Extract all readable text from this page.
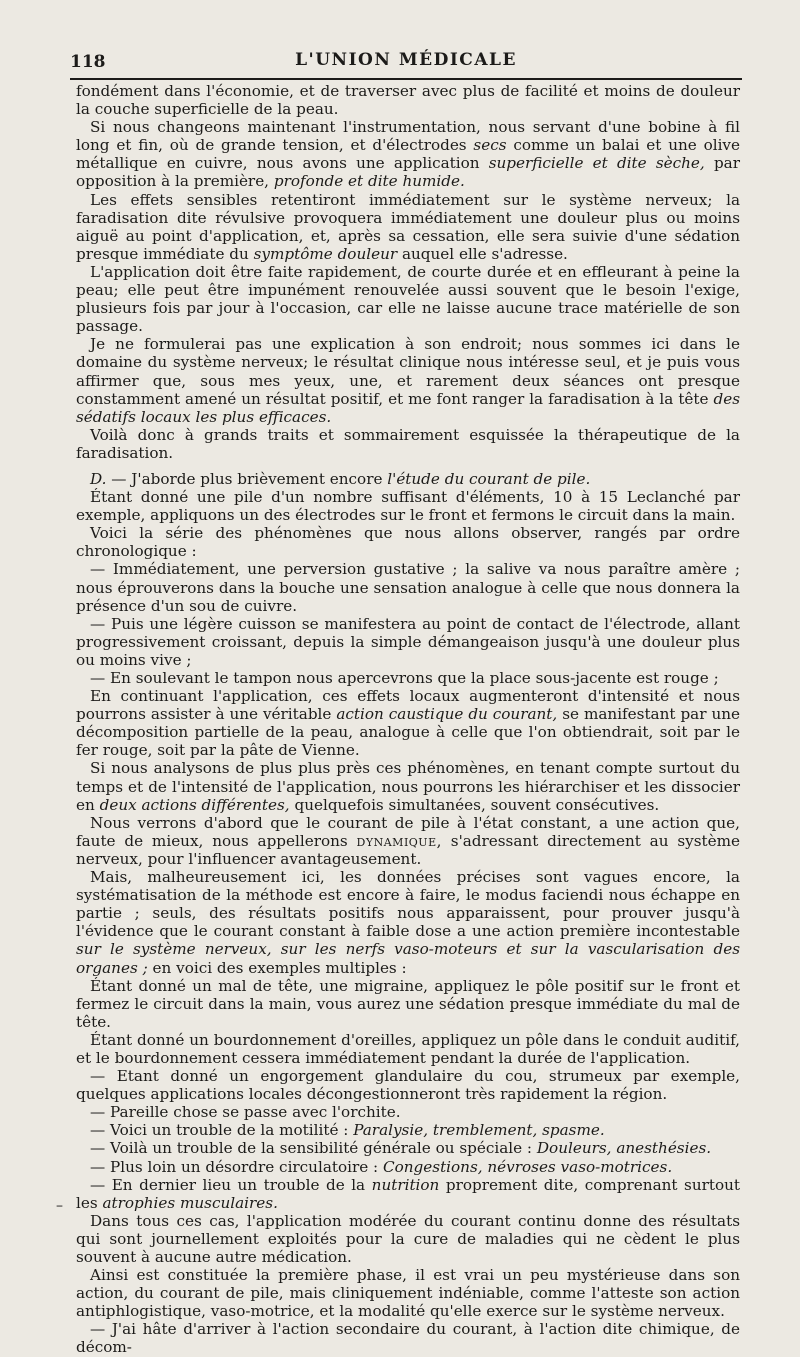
118	L'UNION MÉDICALE
–

fondément dans l'économie, et de traverser avec plus de facilité et moins de douleur la couche superficielle de la peau.

Si nous changeons maintenant l'instrumentation, nous servant d'une bobine à fil long et fin, où de grande tension, et d'électrodes secs comme un balai et une olive métallique en cuivre, nous avons une application superficielle et dite sèche, par opposition à la première, profonde et dite humide.

Les effets sensibles retentiront immédiatement sur le système nerveux; la faradisation dite révulsive provoquera immédiatement une douleur plus ou moins aiguë au point d'application, et, après sa cessation, elle sera suivie d'une sédation presque immédiate du symptôme douleur auquel elle s'adresse.

L'application doit être faite rapidement, de courte durée et en effleurant à peine la peau; elle peut être impunément renouvelée aussi souvent que le besoin l'exige, plusieurs fois par jour à l'occasion, car elle ne laisse aucune trace matérielle de son passage.

Je ne formulerai pas une explication à son endroit; nous sommes ici dans le domaine du système nerveux; le résultat clinique nous intéresse seul, et je puis vous affirmer que, sous mes yeux, une, et rarement deux séances ont presque constamment amené un résultat positif, et me font ranger la faradisation à la tête des sédatifs locaux les plus efficaces.

Voilà donc à grands traits et sommairement esquissée la thérapeutique de la faradisation.

D. — J'aborde plus brièvement encore l'étude du courant de pile.

Étant donné une pile d'un nombre suffisant d'éléments, 10 à 15 Leclanché par exemple, appliquons un des électrodes sur le front et fermons le circuit dans la main.

Voici la série des phénomènes que nous allons observer, rangés par ordre chronologique :

— Immédiatement, une perversion gustative ; la salive va nous paraître amère ; nous éprouverons dans la bouche une sensation analogue à celle que nous donnera la présence d'un sou de cuivre.

— Puis une légère cuisson se manifestera au point de contact de l'électrode, allant progressivement croissant, depuis la simple démangeaison jusqu'à une douleur plus ou moins vive ;

— En soulevant le tampon nous apercevrons que la place sous-jacente est rouge ;

En continuant l'application, ces effets locaux augmenteront d'intensité et nous pourrons assister à une véritable action caustique du courant, se manifestant par une décomposition partielle de la peau, analogue à celle que l'on obtiendrait, soit par le fer rouge, soit par la pâte de Vienne.

Si nous analysons de plus plus près ces phénomènes, en tenant compte surtout du temps et de l'intensité de l'application, nous pourrons les hiérarchiser et les dissocier en deux actions différentes, quelquefois simultanées, souvent consécutives.

Nous verrons d'abord que le courant de pile à l'état constant, a une action que, faute de mieux, nous appellerons dynamique, s'adressant directement au système nerveux, pour l'influencer avantageusement.

Mais, malheureusement ici, les données précises sont vagues encore, la systématisation de la méthode est encore à faire, le modus faciendi nous échappe en partie ; seuls, des résultats positifs nous apparaissent, pour prouver jusqu'à l'évidence que le courant constant à faible dose a une action première incontestable sur le système nerveux, sur les nerfs vaso-moteurs et sur la vascularisation des organes ; en voici des exemples multiples :

Étant donné un mal de tête, une migraine, appliquez le pôle positif sur le front et fermez le circuit dans la main, vous aurez une sédation presque immédiate du mal de tête.

Étant donné un bourdonnement d'oreilles, appliquez un pôle dans le conduit auditif, et le bourdonnement cessera immédiatement pendant la durée de l'application.

— Etant donné un engorgement glandulaire du cou, strumeux par exemple, quelques applications locales décongestionneront très rapidement la région.

— Pareille chose se passe avec l'orchite.

— Voici un trouble de la motilité : Paralysie, tremblement, spasme.

— Voilà un trouble de la sensibilité générale ou spéciale : Douleurs, anesthésies.

— Plus loin un désordre circulatoire : Congestions, névroses vaso-motrices.

— En dernier lieu un trouble de la nutrition proprement dite, comprenant surtout les atrophies musculaires.

Dans tous ces cas, l'application modérée du courant continu donne des résultats qui sont journellement exploités pour la cure de maladies qui ne cèdent le plus souvent à aucune autre médication.

Ainsi est constituée la première phase, il est vrai un peu mystérieuse dans son action, du courant de pile, mais cliniquement indéniable, comme l'atteste son action antiphlogistique, vaso-motrice, et la modalité qu'elle exerce sur le système nerveux.

— J'ai hâte d'arriver à l'action secondaire du courant, à l'action dite chimique, de décom-
